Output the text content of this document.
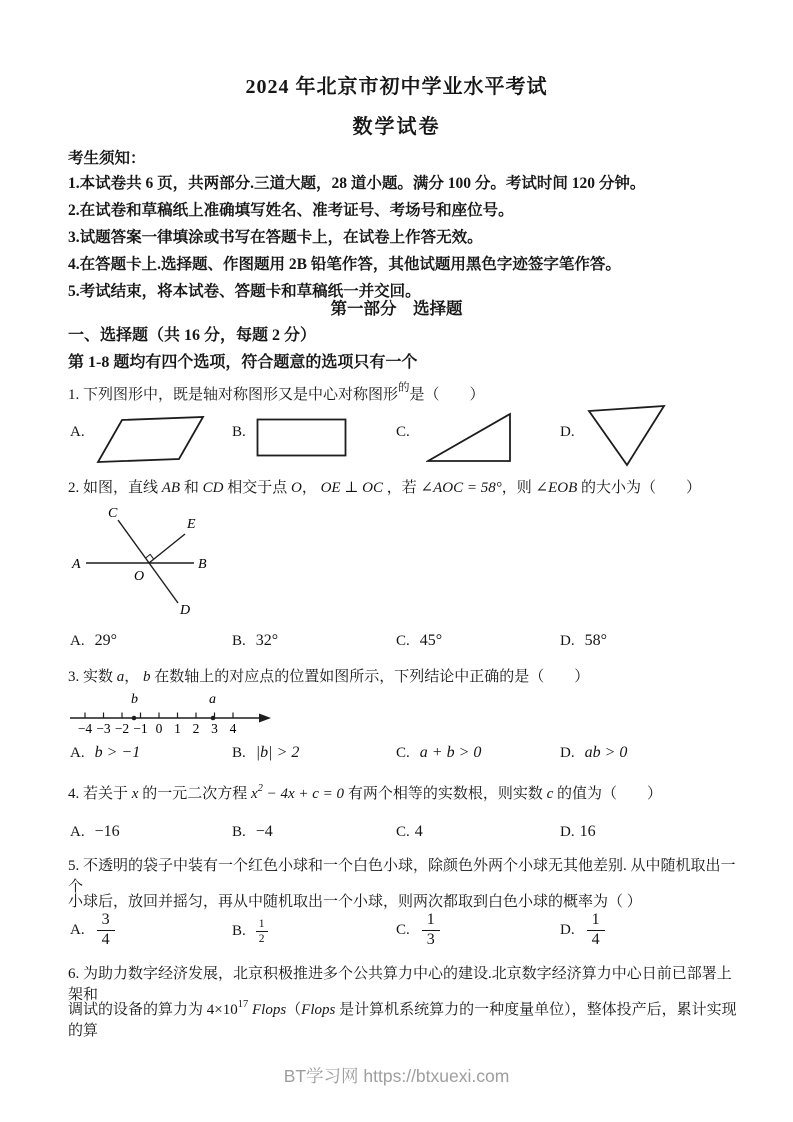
2024 年北京市初中学业水平考试
数学试卷
考生须知：
1.本试卷共 6 页，共两部分.三道大题，28 道小题。满分 100 分。考试时间 120 分钟。
2.在试卷和草稿纸上准确填写姓名、准考证号、考场号和座位号。
3.试题答案一律填涂或书写在答题卡上，在试卷上作答无效。
4.在答题卡上.选择题、作图题用 2B 铅笔作答，其他试题用黑色字迹签字笔作答。
5.考试结束，将本试卷、答题卡和草稿纸一并交回。
第一部分　选择题
一、选择题（共 16 分，每题 2 分）
第 1-8 题均有四个选项，符合题意的选项只有一个
1. 下列图形中，既是轴对称图形又是中心对称图形$^的$是（　　）
A.	B.	C.	D.
2. 如图，直线 AB 和 CD 相交于点 O， OE ⊥ OC ，若 ∠AOC = 58°，则 ∠EOB 的大小为（　　）
A	B
C
D
E
O
A. 29°	B. 32°	C. 45°	D. 58°
3. 实数 a， b 在数轴上的对应点的位置如图所示，下列结论中正确的是（　　）
−4 −3 −2 −1 0 1 2 3 4
b	a
A. b > −1	B. |b| > 2	C. a + b > 0	D. ab > 0
4. 若关于 x 的一元二次方程 $x^2 - 4x + c = 0$ 有两个相等的实数根，则实数 c 的值为（　　）
A. −16	B. −4	C. 4	D. 16
5. 不透明的袋子中装有一个红色小球和一个白色小球，除颜色外两个小球无其他差别. 从中随机取出一个
小球后，放回并摇匀，再从中随机取出一个小球，则两次都取到白色小球的概率为（ ）
A. $\frac{3}{4}$	B. $\frac{1}{2}$	C. $\frac{1}{3}$	D. $\frac{1}{4}$
6. 为助力数字经济发展，北京积极推进多个公共算力中心的建设.北京数字经济算力中心日前已部署上架和
调试的设备的算力为 $4\times 10^{17}$ Flops（Flops 是计算机系统算力的一种度量单位），整体投产后，累计实现的算
BT学习网 https://btxuexi.com
